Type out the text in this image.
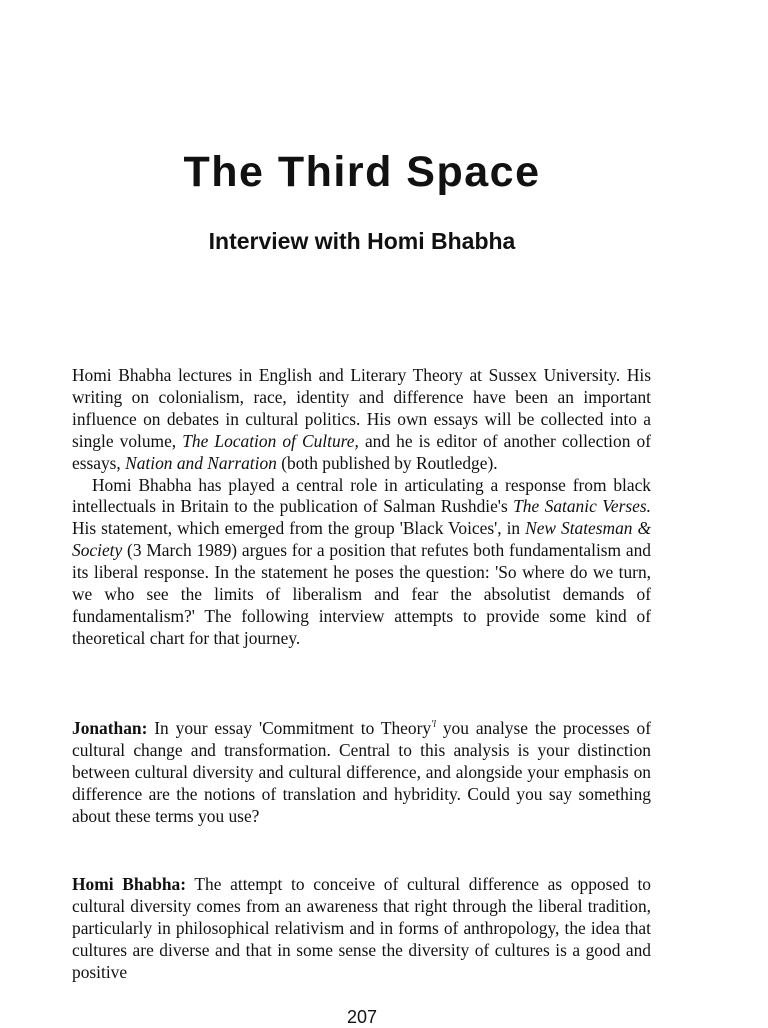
The Third Space
Interview with Homi Bhabha

Homi Bhabha lectures in English and Literary Theory at Sussex University. His writing on colonialism, race, identity and difference have been an important influence on debates in cultural politics. His own essays will be collected into a single volume, The Location of Culture, and he is editor of another collection of essays, Nation and Narration (both published by Routledge).

Homi Bhabha has played a central role in articulating a response from black intellectuals in Britain to the publication of Salman Rushdie's The Satanic Verses. His statement, which emerged from the group 'Black Voices', in New Statesman & Society (3 March 1989) argues for a position that refutes both fundamentalism and its liberal response. In the statement he poses the question: 'So where do we turn, we who see the limits of liberalism and fear the absolutist demands of fundamentalism?' The following interview attempts to provide some kind of theoretical chart for that journey.

Jonathan: In your essay 'Commitment to Theory$^{'l}$ you analyse the processes of cultural change and transformation. Central to this analysis is your distinction between cultural diversity and cultural difference, and alongside your emphasis on difference are the notions of translation and hybridity. Could you say something about these terms you use?

Homi Bhabha: The attempt to conceive of cultural difference as opposed to cultural diversity comes from an awareness that right through the liberal tradition, particularly in philosophical relativism and in forms of anthropology, the idea that cultures are diverse and that in some sense the diversity of cultures is a good and positive

207
